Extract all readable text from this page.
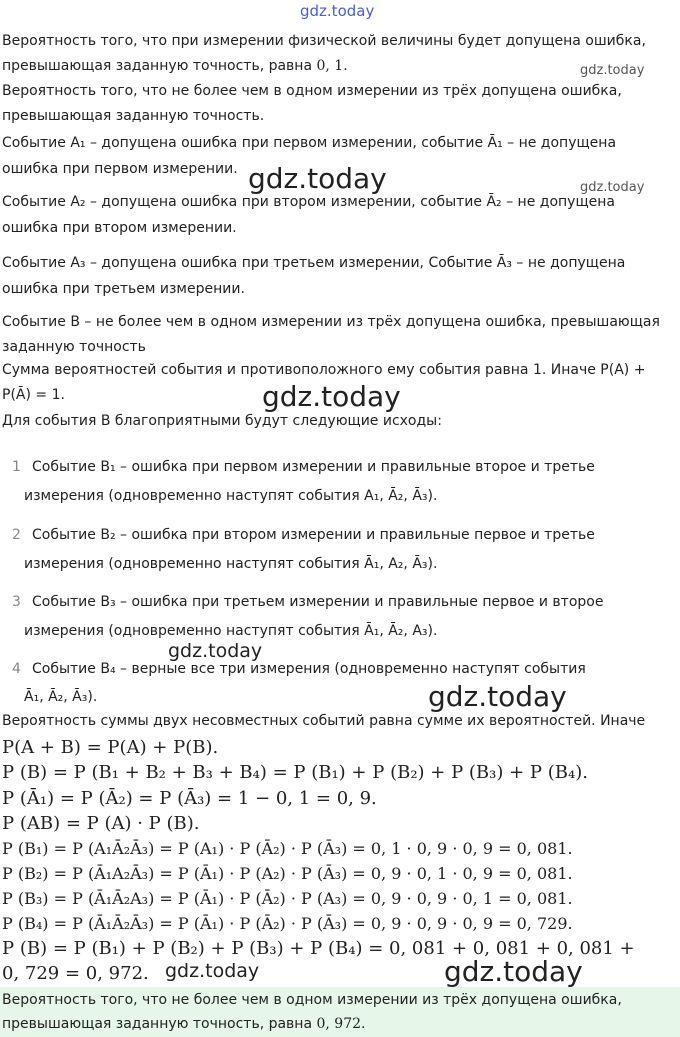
gdz.today
gdz.today
gdz.today	gdz.today
gdz.today
gdz.today
gdz.today
gdz.today	gdz.today
Вероятность того, что при измерении физической величины будет допущена ошибка,
превышающая заданную точность, равна 0, 1.
Вероятность того, что не более чем в одном измерении из трёх допущена ошибка,
превышающая заданную точность.
Событие A₁ – допущена ошибка при первом измерении, событие Ā₁ – не допущена
ошибка при первом измерении.
Событие A₂ – допущена ошибка при втором измерении, событие Ā₂ – не допущена
ошибка при втором измерении.
Событие A₃ – допущена ошибка при третьем измерении, Событие Ā₃ – не допущена
ошибка при третьем измерении.
Событие B – не более чем в одном измерении из трёх допущена ошибка, превышающая
заданную точность
Сумма вероятностей события и противоположного ему события равна 1. Иначе P(A) +
P(Ā) = 1.
Для события B благоприятными будут следующие исходы:
1 Событие B₁ – ошибка при первом измерении и правильные второе и третье
измерения (одновременно наступят события A₁, Ā₂, Ā₃).
2 Событие B₂ – ошибка при втором измерении и правильные первое и третье
измерения (одновременно наступят события Ā₁, A₂, Ā₃).
3 Событие B₃ – ошибка при третьем измерении и правильные первое и второе
измерения (одновременно наступят события Ā₁, Ā₂, A₃).
4 Событие B₄ – верные все три измерения (одновременно наступят события
Ā₁, Ā₂, Ā₃).
Вероятность суммы двух несовместных событий равна сумме их вероятностей. Иначе
P(A + B) = P(A) + P(B).
P (B) = P (B₁ + B₂ + B₃ + B₄) = P (B₁) + P (B₂) + P (B₃) + P (B₄).
P (Ā₁) = P (Ā₂) = P (Ā₃) = 1 − 0, 1 = 0, 9.
P (AB) = P (A) · P (B).
P (B₁) = P (A₁Ā₂Ā₃) = P (A₁) · P (Ā₂) · P (Ā₃) = 0, 1 · 0, 9 · 0, 9 = 0, 081.
P (B₂) = P (Ā₁A₂Ā₃) = P (Ā₁) · P (A₂) · P (Ā₃) = 0, 9 · 0, 1 · 0, 9 = 0, 081.
P (B₃) = P (Ā₁Ā₂A₃) = P (Ā₁) · P (Ā₂) · P (A₃) = 0, 9 · 0, 9 · 0, 1 = 0, 081.
P (B₄) = P (Ā₁Ā₂Ā₃) = P (Ā₁) · P (Ā₂) · P (Ā₃) = 0, 9 · 0, 9 · 0, 9 = 0, 729.
P (B) = P (B₁) + P (B₂) + P (B₃) + P (B₄) = 0, 081 + 0, 081 + 0, 081 +
0, 729 = 0, 972.
Вероятность того, что не более чем в одном измерении из трёх допущена ошибка,
превышающая заданную точность, равна 0, 972.
